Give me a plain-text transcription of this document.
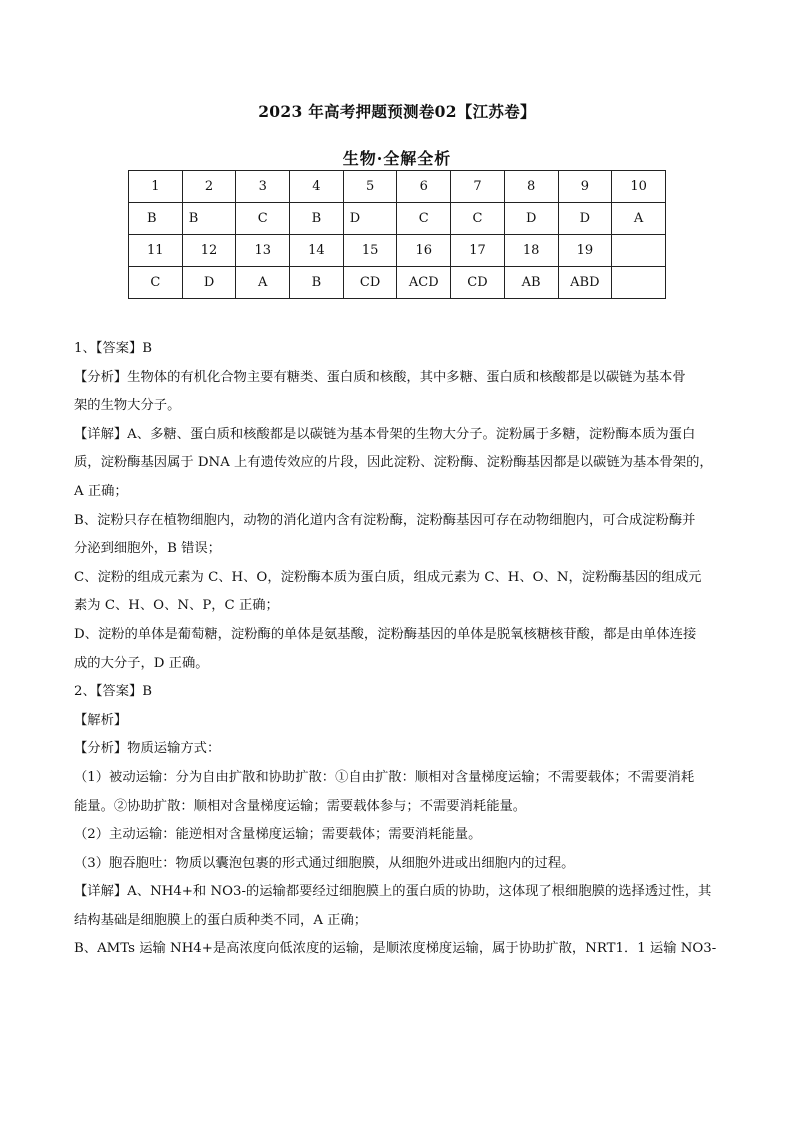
2023 年高考押题预测卷02【江苏卷】
生物·全解全析
1	2	3	4	5	6	7	8	9	10
B	B	C	B	D	C	C	D	D	A
11	12	13	14	15	16	17	18	19	
C	D	A	B	CD	ACD	CD	AB	ABD	

1、【答案】B

【分析】生物体的有机化合物主要有糖类、蛋白质和核酸，其中多糖、蛋白质和核酸都是以碳链为基本骨

架的生物大分子。

【详解】A、多糖、蛋白质和核酸都是以碳链为基本骨架的生物大分子。淀粉属于多糖，淀粉酶本质为蛋白

质，淀粉酶基因属于 DNA 上有遗传效应的片段，因此淀粉、淀粉酶、淀粉酶基因都是以碳链为基本骨架的，

A 正确；

B、淀粉只存在植物细胞内，动物的消化道内含有淀粉酶，淀粉酶基因可存在动物细胞内，可合成淀粉酶并

分泌到细胞外，B 错误；

C、淀粉的组成元素为 C、H、O，淀粉酶本质为蛋白质，组成元素为 C、H、O、N，淀粉酶基因的组成元

素为 C、H、O、N、P，C 正确；

D、淀粉的单体是葡萄糖，淀粉酶的单体是氨基酸，淀粉酶基因的单体是脱氧核糖核苷酸，都是由单体连接

成的大分子，D 正确。

2、【答案】B

【解析】

【分析】物质运输方式：

（1）被动运输：分为自由扩散和协助扩散：①自由扩散：顺相对含量梯度运输；不需要载体；不需要消耗

能量。②协助扩散：顺相对含量梯度运输；需要载体参与；不需要消耗能量。

（2）主动运输：能逆相对含量梯度运输；需要载体；需要消耗能量。

（3）胞吞胞吐：物质以囊泡包裹的形式通过细胞膜，从细胞外进或出细胞内的过程。

【详解】A、NH4+和 NO3-的运输都要经过细胞膜上的蛋白质的协助，这体现了根细胞膜的选择透过性，其

结构基础是细胞膜上的蛋白质种类不同，A 正确；

B、AMTs 运输 NH4+是高浓度向低浓度的运输，是顺浓度梯度运输，属于协助扩散，NRT1．1 运输 NO3-
